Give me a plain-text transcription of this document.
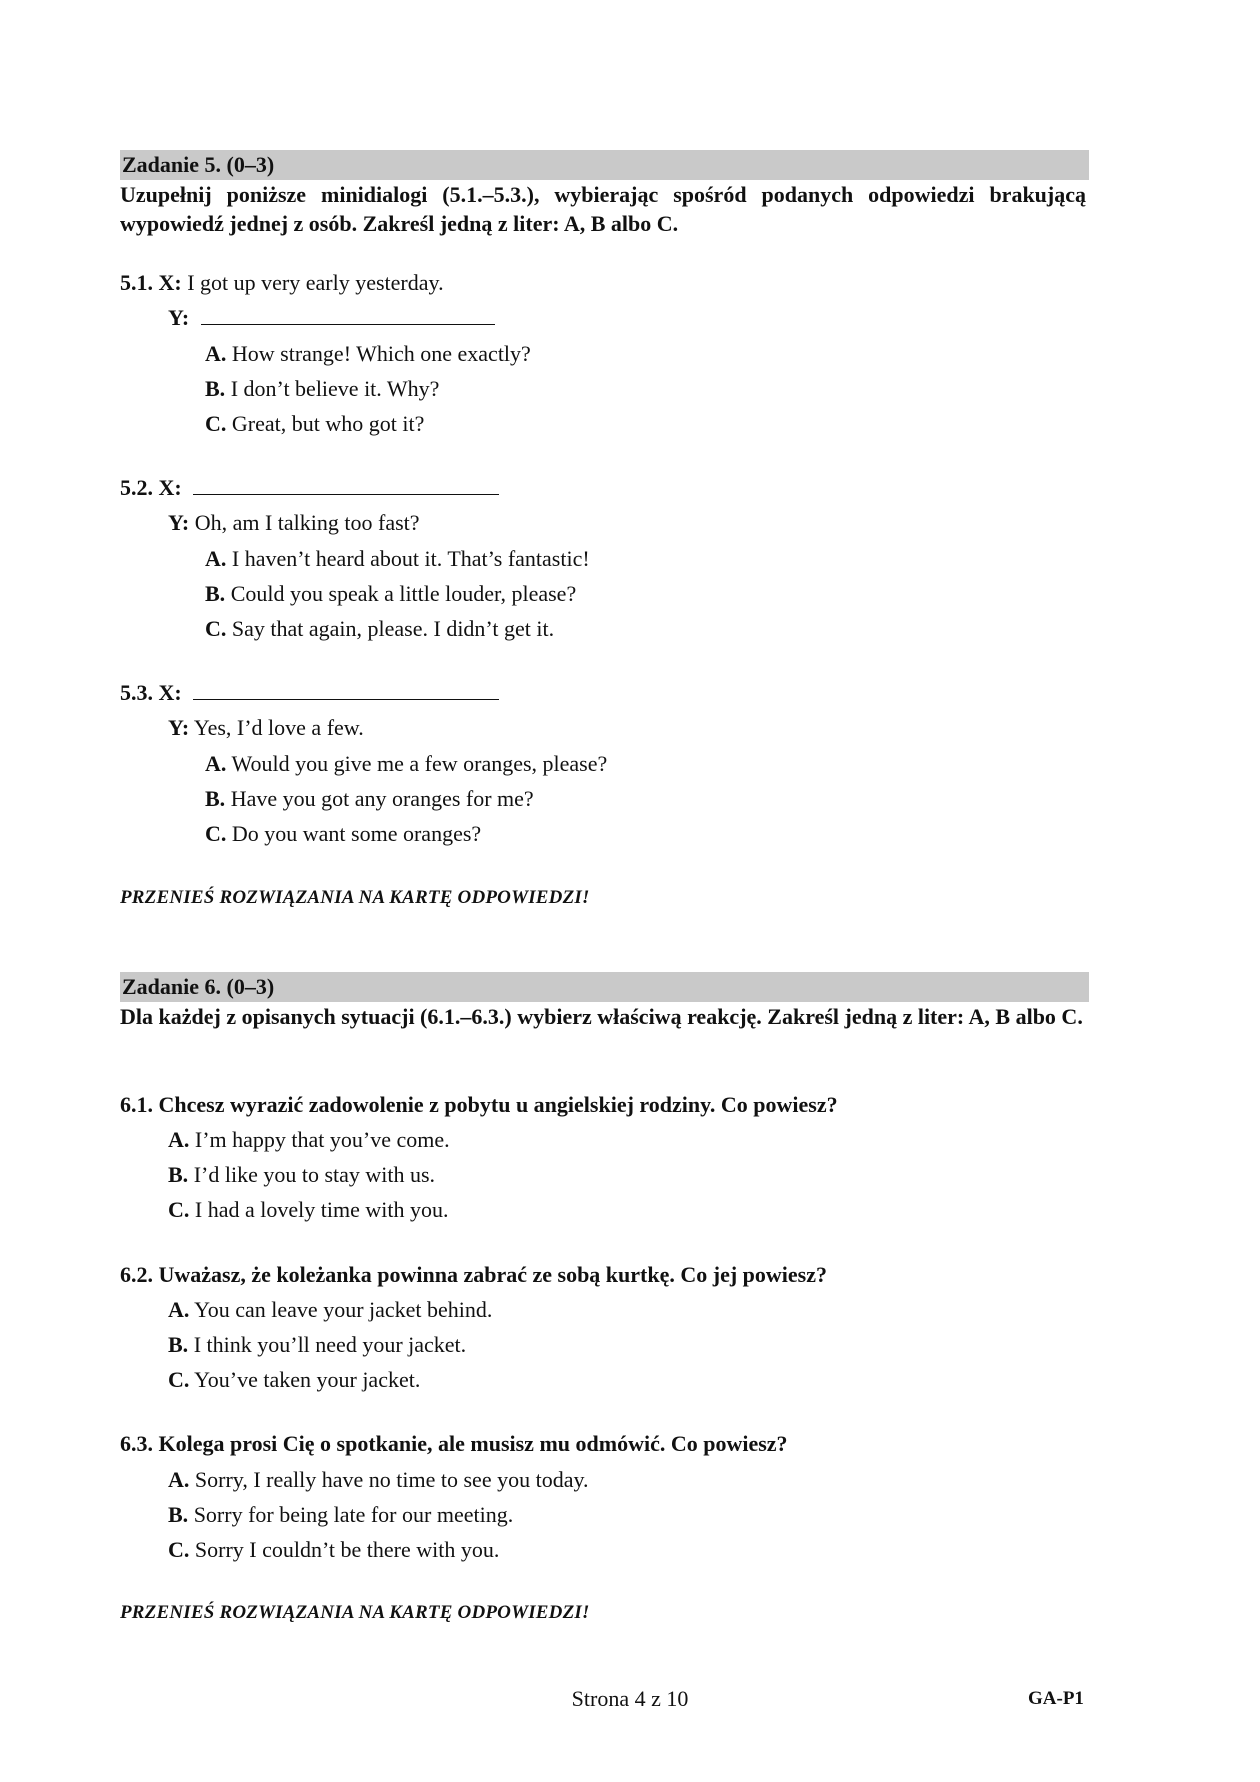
Zadanie 5. (0–3)
Uzupełnij poniższe minidialogi (5.1.–5.3.), wybierając spośród podanych odpowiedzi brakującą wypowiedź jednej z osób. Zakreśl jedną z liter: A, B albo C.
5.1. X: I got up very early yesterday.
Y:
A. How strange! Which one exactly?
B. I don’t believe it. Why?
C. Great, but who got it?
5.2. X:
Y: Oh, am I talking too fast?
A. I haven’t heard about it. That’s fantastic!
B. Could you speak a little louder, please?
C. Say that again, please. I didn’t get it.
5.3. X:
Y: Yes, I’d love a few.
A. Would you give me a few oranges, please?
B. Have you got any oranges for me?
C. Do you want some oranges?
PRZENIEŚ ROZWIĄZANIA NA KARTĘ ODPOWIEDZI!
Zadanie 6. (0–3)
Dla każdej z opisanych sytuacji (6.1.–6.3.) wybierz właściwą reakcję. Zakreśl jedną z liter: A, B albo C.
6.1. Chcesz wyrazić zadowolenie z pobytu u angielskiej rodziny. Co powiesz?
A. I’m happy that you’ve come.
B. I’d like you to stay with us.
C. I had a lovely time with you.
6.2. Uważasz, że koleżanka powinna zabrać ze sobą kurtkę. Co jej powiesz?
A. You can leave your jacket behind.
B. I think you’ll need your jacket.
C. You’ve taken your jacket.
6.3. Kolega prosi Cię o spotkanie, ale musisz mu odmówić. Co powiesz?
A. Sorry, I really have no time to see you today.
B. Sorry for being late for our meeting.
C. Sorry I couldn’t be there with you.
PRZENIEŚ ROZWIĄZANIA NA KARTĘ ODPOWIEDZI!
Strona 4 z 10	GA-P1
